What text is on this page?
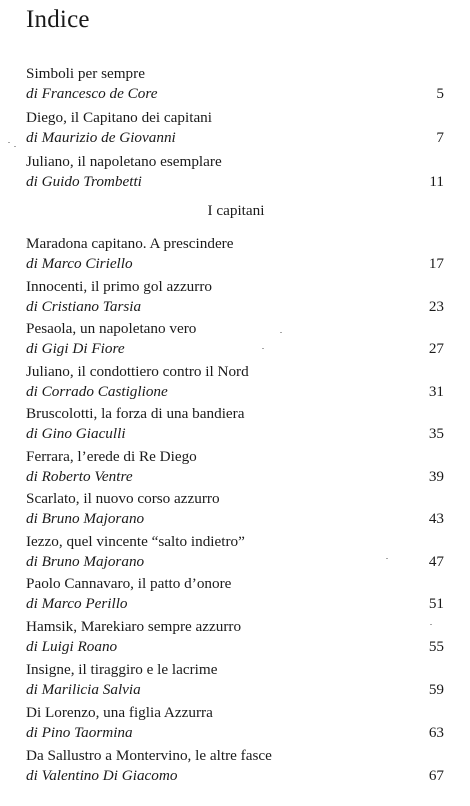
Indice
Simboli per sempre
di Francesco de Core	5
Diego, il Capitano dei capitani
di Maurizio de Giovanni	7
Juliano, il napoletano esemplare
di Guido Trombetti	11
I capitani
Maradona capitano. A prescindere
di Marco Ciriello	17
Innocenti, il primo gol azzurro
di Cristiano Tarsia	23
Pesaola, un napoletano vero
di Gigi Di Fiore	27
Juliano, il condottiero contro il Nord
di Corrado Castiglione	31
Bruscolotti, la forza di una bandiera
di Gino Giaculli	35
Ferrara, l’erede di Re Diego
di Roberto Ventre	39
Scarlato, il nuovo corso azzurro
di Bruno Majorano	43
Iezzo, quel vincente “salto indietro”
di Bruno Majorano	47
Paolo Cannavaro, il patto d’onore
di Marco Perillo	51
Hamsik, Marekiaro sempre azzurro
di Luigi Roano	55
Insigne, il tiraggiro e le lacrime
di Marilicia Salvia	59
Di Lorenzo, una figlia Azzurra
di Pino Taormina	63
Da Sallustro a Montervino, le altre fasce
di Valentino Di Giacomo	67
